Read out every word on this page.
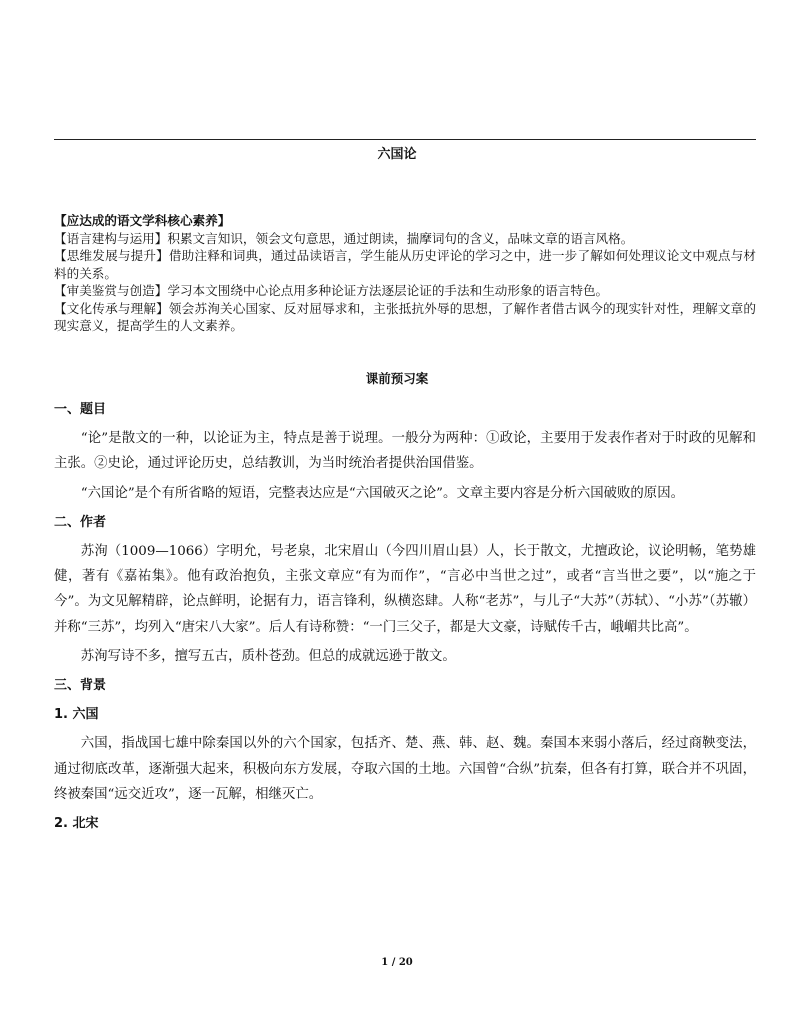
六国论

【应达成的语文学科核心素养】

【语言建构与运用】积累文言知识，领会文句意思，通过朗读，揣摩词句的含义，品味文章的语言风格。

【思维发展与提升】借助注释和词典，通过品读语言，学生能从历史评论的学习之中，进一步了解如何处理议论文中观点与材料的关系。

【审美鉴赏与创造】学习本文围绕中心论点用多种论证方法逐层论证的手法和生动形象的语言特色。

【文化传承与理解】领会苏洵关心国家、反对屈辱求和，主张抵抗外辱的思想，了解作者借古讽今的现实针对性，理解文章的现实意义，提高学生的人文素养。

课前预习案
一、题目

“论”是散文的一种，以论证为主，特点是善于说理。一般分为两种：①政论，主要用于发表作者对于时政的见解和主张。②史论，通过评论历史，总结教训，为当时统治者提供治国借鉴。

“六国论”是个有所省略的短语，完整表达应是“六国破灭之论”。文章主要内容是分析六国破败的原因。

二、作者

苏洵（1009—1066）字明允，号老泉，北宋眉山（今四川眉山县）人，长于散文，尤擅政论，议论明畅，笔势雄健，著有《嘉祐集》。他有政治抱负，主张文章应“有为而作”，“言必中当世之过”，或者“言当世之要”，以“施之于今”。为文见解精辟，论点鲜明，论据有力，语言锋利，纵横恣肆。人称“老苏”，与儿子“大苏”（苏轼）、“小苏”（苏辙）并称“三苏”，均列入“唐宋八大家”。后人有诗称赞：“一门三父子，都是大文豪，诗赋传千古，峨嵋共比高”。

苏洵写诗不多，擅写五古，质朴苍劲。但总的成就远逊于散文。

三、背景
1. 六国

六国，指战国七雄中除秦国以外的六个国家，包括齐、楚、燕、韩、赵、魏。秦国本来弱小落后，经过商鞅变法，通过彻底改革，逐渐强大起来，积极向东方发展，夺取六国的土地。六国曾“合纵”抗秦，但各有打算，联合并不巩固，终被秦国“远交近攻”，逐一瓦解，相继灭亡。

2. 北宋
1 / 20
